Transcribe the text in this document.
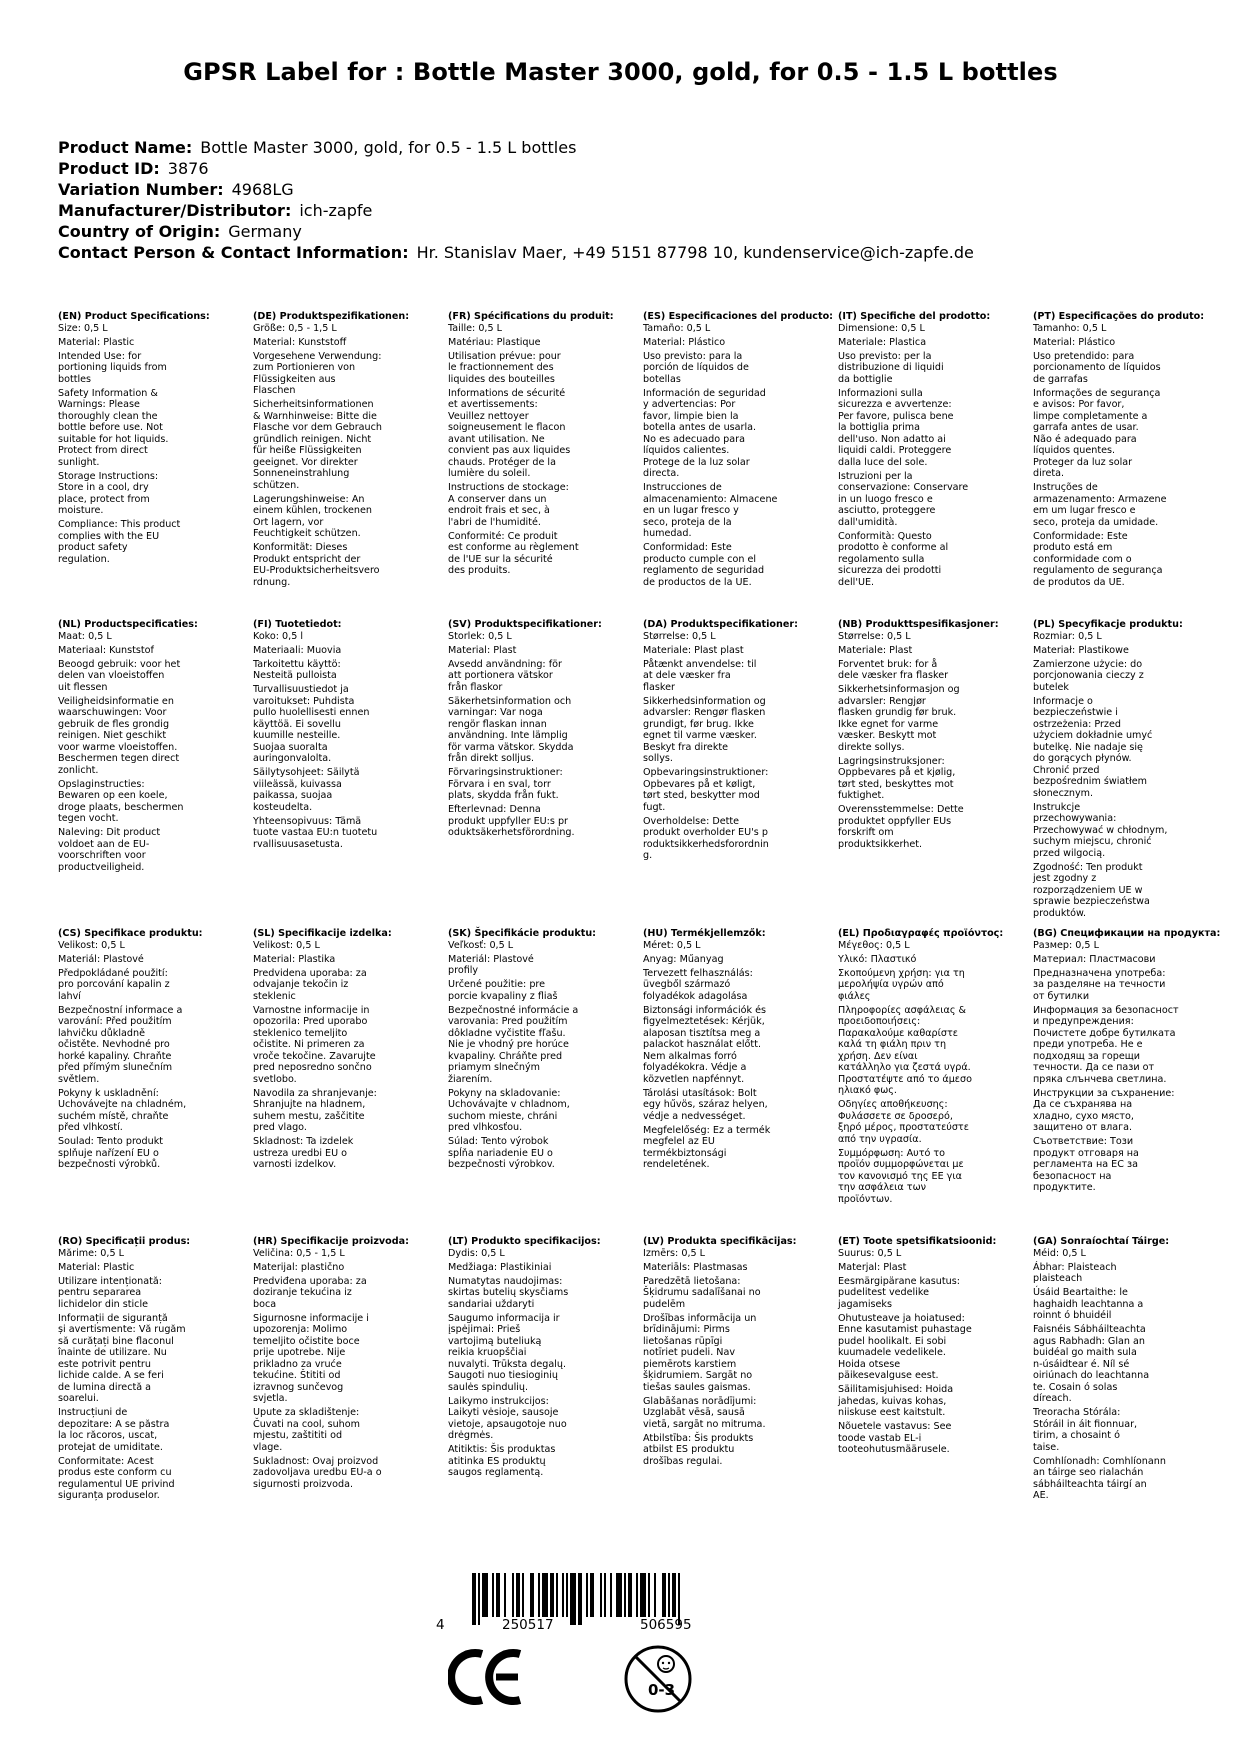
GPSR Label for : Bottle Master 3000, gold, for 0.5 - 1.5 L bottles
Product Name: Bottle Master 3000, gold, for 0.5 - 1.5 L bottles
Product ID: 3876
Variation Number: 4968LG
Manufacturer/Distributor: ich-zapfe
Country of Origin: Germany
Contact Person & Contact Information: Hr. Stanislav Maer, +49 5151 87798 10, kundenservice@ich-zapfe.de
(EN) Product Specifications:
Size: 0,5 L
Material: Plastic
Intended Use: for
portioning liquids from
bottles
Safety Information &
Warnings: Please
thoroughly clean the
bottle before use. Not
suitable for hot liquids.
Protect from direct
sunlight.
Storage Instructions:
Store in a cool, dry
place, protect from
moisture.
Compliance: This product
complies with the EU
product safety
regulation.
(DE) Produktspezifikationen:
Größe: 0,5 - 1,5 L
Material: Kunststoff
Vorgesehene Verwendung:
zum Portionieren von
Flüssigkeiten aus
Flaschen
Sicherheitsinformationen
& Warnhinweise: Bitte die
Flasche vor dem Gebrauch
gründlich reinigen. Nicht
für heiße Flüssigkeiten
geeignet. Vor direkter
Sonneneinstrahlung
schützen.
Lagerungshinweise: An
einem kühlen, trockenen
Ort lagern, vor
Feuchtigkeit schützen.
Konformität: Dieses
Produkt entspricht der
EU-Produktsicherheitsvero
rdnung.
(FR) Spécifications du produit:
Taille: 0,5 L
Matériau: Plastique
Utilisation prévue: pour
le fractionnement des
liquides des bouteilles
Informations de sécurité
et avertissements:
Veuillez nettoyer
soigneusement le flacon
avant utilisation. Ne
convient pas aux liquides
chauds. Protéger de la
lumière du soleil.
Instructions de stockage:
A conserver dans un
endroit frais et sec, à
l'abri de l'humidité.
Conformité: Ce produit
est conforme au règlement
de l'UE sur la sécurité
des produits.
(ES) Especificaciones del producto:
Tamaño: 0,5 L
Material: Plástico
Uso previsto: para la
porción de líquidos de
botellas
Información de seguridad
y advertencias: Por
favor, limpie bien la
botella antes de usarla.
No es adecuado para
líquidos calientes.
Protege de la luz solar
directa.
Instrucciones de
almacenamiento: Almacene
en un lugar fresco y
seco, proteja de la
humedad.
Conformidad: Este
producto cumple con el
reglamento de seguridad
de productos de la UE.
(IT) Specifiche del prodotto:
Dimensione: 0,5 L
Materiale: Plastica
Uso previsto: per la
distribuzione di liquidi
da bottiglie
Informazioni sulla
sicurezza e avvertenze:
Per favore, pulisca bene
la bottiglia prima
dell'uso. Non adatto ai
liquidi caldi. Proteggere
dalla luce del sole.
Istruzioni per la
conservazione: Conservare
in un luogo fresco e
asciutto, proteggere
dall'umidità.
Conformità: Questo
prodotto è conforme al
regolamento sulla
sicurezza dei prodotti
dell'UE.
(PT) Especificações do produto:
Tamanho: 0,5 L
Material: Plástico
Uso pretendido: para
porcionamento de líquidos
de garrafas
Informações de segurança
e avisos: Por favor,
limpe completamente a
garrafa antes de usar.
Não é adequado para
líquidos quentes.
Proteger da luz solar
direta.
Instruções de
armazenamento: Armazene
em um lugar fresco e
seco, proteja da umidade.
Conformidade: Este
produto está em
conformidade com o
regulamento de segurança
de produtos da UE.
(NL) Productspecificaties:
Maat: 0,5 L
Materiaal: Kunststof
Beoogd gebruik: voor het
delen van vloeistoffen
uit flessen
Veiligheidsinformatie en
waarschuwingen: Voor
gebruik de fles grondig
reinigen. Niet geschikt
voor warme vloeistoffen.
Beschermen tegen direct
zonlicht.
Opslaginstructies:
Bewaren op een koele,
droge plaats, beschermen
tegen vocht.
Naleving: Dit product
voldoet aan de EU-
voorschriften voor
productveiligheid.
(FI) Tuotetiedot:
Koko: 0,5 l
Materiaali: Muovia
Tarkoitettu käyttö:
Nesteitä pulloista
Turvallisuustiedot ja
varoitukset: Puhdista
pullo huolellisesti ennen
käyttöä. Ei sovellu
kuumille nesteille.
Suojaa suoralta
auringonvalolta.
Säilytysohjeet: Säilytä
viileässä, kuivassa
paikassa, suojaa
kosteudelta.
Yhteensopivuus: Tämä
tuote vastaa EU:n tuotetu
rvallisuusasetusta.
(SV) Produktspecifikationer:
Storlek: 0,5 L
Material: Plast
Avsedd användning: för
att portionera vätskor
från flaskor
Säkerhetsinformation och
varningar: Var noga
rengör flaskan innan
användning. Inte lämplig
för varma vätskor. Skydda
från direkt solljus.
Förvaringsinstruktioner:
Förvara i en sval, torr
plats, skydda från fukt.
Efterlevnad: Denna
produkt uppfyller EU:s pr
oduktsäkerhetsförordning.
(DA) Produktspecifikationer:
Størrelse: 0,5 L
Materiale: Plast plast
Påtænkt anvendelse: til
at dele væsker fra
flasker
Sikkerhedsinformation og
advarsler: Rengør flasken
grundigt, før brug. Ikke
egnet til varme væsker.
Beskyt fra direkte
sollys.
Opbevaringsinstruktioner:
Opbevares på et køligt,
tørt sted, beskytter mod
fugt.
Overholdelse: Dette
produkt overholder EU's p
roduktsikkerhedsforordnin
g.
(NB) Produkttspesifikasjoner:
Størrelse: 0,5 L
Materiale: Plast
Forventet bruk: for å
dele væsker fra flasker
Sikkerhetsinformasjon og
advarsler: Rengjør
flasken grundig før bruk.
Ikke egnet for varme
væsker. Beskytt mot
direkte sollys.
Lagringsinstruksjoner:
Oppbevares på et kjølig,
tørt sted, beskyttes mot
fuktighet.
Overensstemmelse: Dette
produktet oppfyller EUs
forskrift om
produktsikkerhet.
(PL) Specyfikacje produktu:
Rozmiar: 0,5 L
Materiał: Plastikowe
Zamierzone użycie: do
porcjonowania cieczy z
butelek
Informacje o
bezpieczeństwie i
ostrzeżenia: Przed
użyciem dokładnie umyć
butelkę. Nie nadaje się
do gorących płynów.
Chronić przed
bezpośrednim światłem
słonecznym.
Instrukcje
przechowywania:
Przechowywać w chłodnym,
suchym miejscu, chronić
przed wilgocią.
Zgodność: Ten produkt
jest zgodny z
rozporządzeniem UE w
sprawie bezpieczeństwa
produktów.
(CS) Specifikace produktu:
Velikost: 0,5 L
Materiál: Plastové
Předpokládané použití:
pro porcování kapalin z
lahví
Bezpečnostní informace a
varování: Před použitím
lahvičku důkladně
očistěte. Nevhodné pro
horké kapaliny. Chraňte
před přímým slunečním
světlem.
Pokyny k uskladnění:
Uchovávejte na chladném,
suchém místě, chraňte
před vlhkostí.
Soulad: Tento produkt
splňuje nařízení EU o
bezpečnosti výrobků.
(SL) Specifikacije izdelka:
Velikost: 0,5 L
Material: Plastika
Predvidena uporaba: za
odvajanje tekočin iz
steklenic
Varnostne informacije in
opozorila: Pred uporabo
steklenico temeljito
očistite. Ni primeren za
vroče tekočine. Zavarujte
pred neposredno sončno
svetlobo.
Navodila za shranjevanje:
Shranjujte na hladnem,
suhem mestu, zaščitite
pred vlago.
Skladnost: Ta izdelek
ustreza uredbi EU o
varnosti izdelkov.
(SK) Špecifikácie produktu:
Veľkosť: 0,5 L
Materiál: Plastové
profily
Určené použitie: pre
porcie kvapaliny z fliaš
Bezpečnostné informácie a
varovania: Pred použitím
dôkladne vyčistite fľašu.
Nie je vhodný pre horúce
kvapaliny. Chráňte pred
priamym slnečným
žiarením.
Pokyny na skladovanie:
Uchovávajte v chladnom,
suchom mieste, chráni
pred vlhkosťou.
Súlad: Tento výrobok
spĺňa nariadenie EU o
bezpečnosti výrobkov.
(HU) Termékjellemzők:
Méret: 0,5 L
Anyag: Műanyag
Tervezett felhasználás:
üvegből származó
folyadékok adagolása
Biztonsági információk és
figyelmeztetések: Kérjük,
alaposan tisztítsa meg a
palackot használat előtt.
Nem alkalmas forró
folyadékokra. Védje a
közvetlen napfénnyt.
Tárolási utasítások: Bolt
egy hűvös, száraz helyen,
védje a nedvességet.
Megfelelőség: Ez a termék
megfelel az EU
termékbiztonsági
rendeletének.
(EL) Προδιαγραφές προϊόντος:
Μέγεθος: 0,5 L
Υλικό: Πλαστικό
Σκοπούμενη χρήση: για τη
μερολήψία υγρών από
φιάλες
Πληροφορίες ασφάλειας &
προειδοποιήσεις:
Παρακαλούμε καθαρίστε
καλά τη φιάλη πριν τη
χρήση. Δεν είναι
κατάλληλο για ζεστά υγρά.
Προστατέψτε από το άμεσο
ηλιακό φως.
Οδηγίες αποθήκευσης:
Φυλάσσετε σε δροσερό,
ξηρό μέρος, προστατεύστε
από την υγρασία.
Συμμόρφωση: Αυτό το
προϊόν συμμορφώνεται με
τον κανονισμό της ΕΕ για
την ασφάλεια των
προϊόντων.
(BG) Спецификации на продукта:
Размер: 0,5 L
Материал: Пластмасови
Предназначена употреба:
за разделяне на течности
от бутилки
Информация за безопасност
и предупреждения:
Почистете добре бутилката
преди употреба. Не е
подходящ за горещи
течности. Да се пази от
пряка слънчева светлина.
Инструкции за съхранение:
Да се съхранява на
хладно, сухо място,
защитено от влага.
Съответствие: Този
продукт отговаря на
регламента на ЕС за
безопасност на
продуктите.
(RO) Specificații produs:
Mărime: 0,5 L
Material: Plastic
Utilizare intenționată:
pentru separarea
lichidelor din sticle
Informații de siguranță
și avertismente: Vă rugăm
să curățați bine flaconul
înainte de utilizare. Nu
este potrivit pentru
lichide calde. A se feri
de lumina directă a
soarelui.
Instrucțiuni de
depozitare: A se păstra
la loc răcoros, uscat,
protejat de umiditate.
Conformitate: Acest
produs este conform cu
regulamentul UE privind
siguranța produselor.
(HR) Specifikacije proizvoda:
Veličina: 0,5 - 1,5 L
Materijal: plastično
Predviđena uporaba: za
doziranje tekućina iz
boca
Sigurnosne informacije i
upozorenja: Molimo
temeljito očistite boce
prije upotrebe. Nije
prikladno za vruće
tekućine. Štititi od
izravnog sunčevog
svjetla.
Upute za skladištenje:
Čuvati na cool, suhom
mjestu, zaštititi od
vlage.
Sukladnost: Ovaj proizvod
zadovoljava uredbu EU-a o
sigurnosti proizvoda.
(LT) Produkto specifikacijos:
Dydis: 0,5 L
Medžiaga: Plastikiniai
Numatytas naudojimas:
skirtas butelių skysčiams
sandariai uždaryti
Saugumo informacija ir
įspėjimai: Prieš
vartojimą buteliuką
reikia kruopščiai
nuvalyti. Trūksta degalų.
Saugoti nuo tiesioginių
saulės spindulių.
Laikymo instrukcijos:
Laikyti vėsioje, sausoje
vietoje, apsaugotoje nuo
drėgmės.
Atitiktis: Šis produktas
atitinka ES produktų
saugos reglamentą.
(LV) Produkta specifikācijas:
Izmērs: 0,5 L
Materiāls: Plastmasas
Paredzētā lietošana:
Šķidrumu sadalīšanai no
pudelēm
Drošības informācija un
brīdinājumi: Pirms
lietošanas rūpīgi
notīriet pudeli. Nav
piemērots karstiem
šķidrumiem. Sargāt no
tiešas saules gaismas.
Glabāšanas norādījumi:
Uzglabāt vēsā, sausā
vietā, sargāt no mitruma.
Atbilstība: Šis produkts
atbilst ES produktu
drošības regulai.
(ET) Toote spetsifikatsioonid:
Suurus: 0,5 L
Materjal: Plast
Eesmärgipärane kasutus:
pudelitest vedelike
jagamiseks
Ohutusteave ja hoiatused:
Enne kasutamist puhastage
pudel hoolikalt. Ei sobi
kuumadele vedelikele.
Hoida otsese
päikesevalguse eest.
Säilitamisjuhised: Hoida
jahedas, kuivas kohas,
niiskuse eest kaitstult.
Nõuetele vastavus: See
toode vastab EL-i
tooteohutusmäärusele.
(GA) Sonraíochtaí Táirge:
Méid: 0,5 L
Ábhar: Plaisteach
plaisteach
Úsáid Beartaithe: le
haghaidh leachtanna a
roinnt ó bhuidéil
Faisnéis Sábháilteachta
agus Rabhadh: Glan an
buidéal go maith sula
n-úsáidtear é. Níl sé
oiriúnach do leachtanna
te. Cosain ó solas
díreach.
Treoracha Stórála:
Stóráil in áit fionnuar,
tirim, a chosaint ó
taise.
Comhlíonadh: Comhlíonann
an táirge seo rialachán
sábháilteachta táirgí an
AE.
4	250517	506595
0-3
